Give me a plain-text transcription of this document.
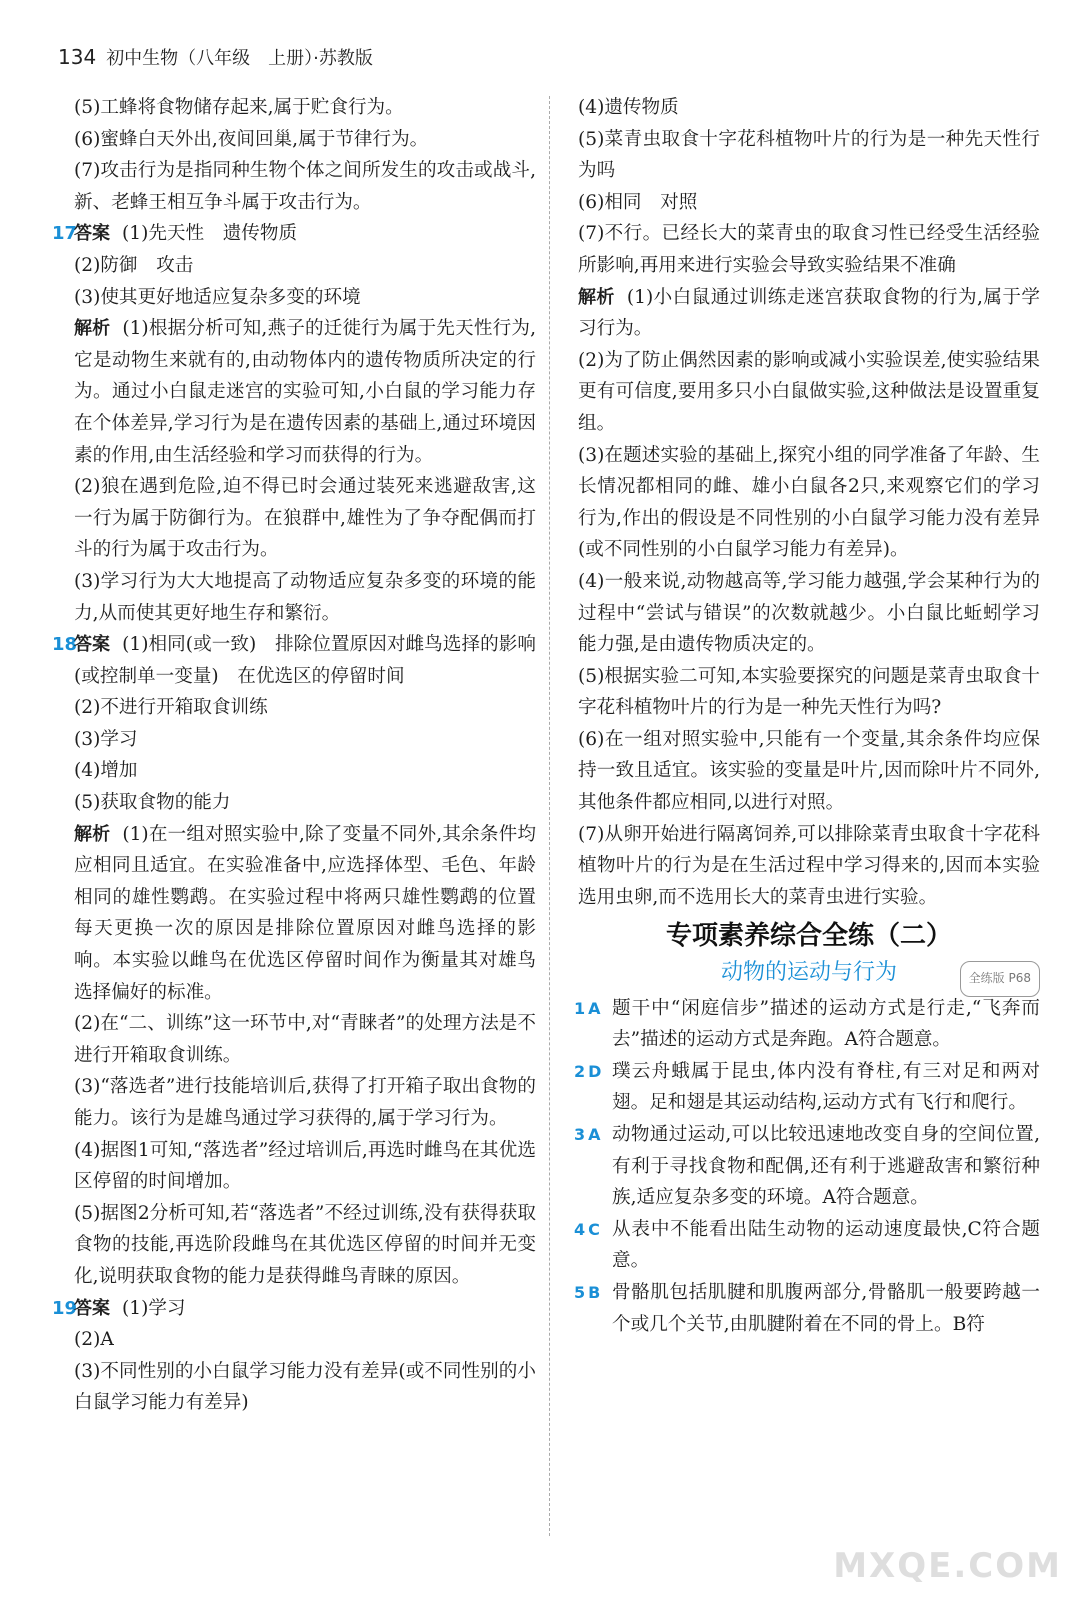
134 初中生物（八年级　上册）·苏教版

(5)工蜂将食物储存起来,属于贮食行为。

(6)蜜蜂白天外出,夜间回巢,属于节律行为。

(7)攻击行为是指同种生物个体之间所发生的攻击或战斗,新、老蜂王相互争斗属于攻击行为。

17
答案 (1)先天性　遗传物质

(2)防御　攻击

(3)使其更好地适应复杂多变的环境

解析 (1)根据分析可知,燕子的迁徙行为属于先天性行为,它是动物生来就有的,由动物体内的遗传物质所决定的行为。通过小白鼠走迷宫的实验可知,小白鼠的学习能力存在个体差异,学习行为是在遗传因素的基础上,通过环境因素的作用,由生活经验和学习而获得的行为。

(2)狼在遇到危险,迫不得已时会通过装死来逃避敌害,这一行为属于防御行为。在狼群中,雄性为了争夺配偶而打斗的行为属于攻击行为。

(3)学习行为大大地提高了动物适应复杂多变的环境的能力,从而使其更好地生存和繁衍。

18

答案 (1)相同(或一致)　排除位置原因对雌鸟选择的影响(或控制单一变量)　在优选区的停留时间

(2)不进行开箱取食训练

(3)学习

(4)增加

(5)获取食物的能力

解析 (1)在一组对照实验中,除了变量不同外,其余条件均应相同且适宜。在实验准备中,应选择体型、毛色、年龄相同的雄性鹦鹉。在实验过程中将两只雄性鹦鹉的位置每天更换一次的原因是排除位置原因对雌鸟选择的影响。本实验以雌鸟在优选区停留时间作为衡量其对雄鸟选择偏好的标准。

(2)在“二、训练”这一环节中,对“青睐者”的处理方法是不进行开箱取食训练。

(3)“落选者”进行技能培训后,获得了打开箱子取出食物的能力。该行为是雄鸟通过学习获得的,属于学习行为。

(4)据图1可知,“落选者”经过培训后,再选时雌鸟在其优选区停留的时间增加。

(5)据图2分析可知,若“落选者”不经过训练,没有获得获取食物的技能,再选阶段雌鸟在其优选区停留的时间并无变化,说明获取食物的能力是获得雌鸟青睐的原因。

19
答案 (1)学习

(2)A

(3)不同性别的小白鼠学习能力没有差异(或不同性别的小白鼠学习能力有差异)

(4)遗传物质

(5)菜青虫取食十字花科植物叶片的行为是一种先天性行为吗

(6)相同　对照

(7)不行。已经长大的菜青虫的取食习性已经受生活经验所影响,再用来进行实验会导致实验结果不准确

解析 (1)小白鼠通过训练走迷宫获取食物的行为,属于学习行为。

(2)为了防止偶然因素的影响或减小实验误差,使实验结果更有可信度,要用多只小白鼠做实验,这种做法是设置重复组。

(3)在题述实验的基础上,探究小组的同学准备了年龄、生长情况都相同的雌、雄小白鼠各2只,来观察它们的学习行为,作出的假设是不同性别的小白鼠学习能力没有差异(或不同性别的小白鼠学习能力有差异)。

(4)一般来说,动物越高等,学习能力越强,学会某种行为的过程中“尝试与错误”的次数就越少。小白鼠比蚯蚓学习能力强,是由遗传物质决定的。

(5)根据实验二可知,本实验要探究的问题是菜青虫取食十字花科植物叶片的行为是一种先天性行为吗?

(6)在一组对照实验中,只能有一个变量,其余条件均应保持一致且适宜。该实验的变量是叶片,因而除叶片不同外,其他条件都应相同,以进行对照。

(7)从卵开始进行隔离饲养,可以排除菜青虫取食十字花科植物叶片的行为是在生活过程中学习得来的,因而本实验选用虫卵,而不选用长大的菜青虫进行实验。

专项素养综合全练（二）
动物的运动与行为	全练版 P68
1 A 题干中“闲庭信步”描述的运动方式是行走,“飞奔而去”描述的运动方式是奔跑。A符合题意。
2 D 璞云舟蛾属于昆虫,体内没有脊柱,有三对足和两对翅。足和翅是其运动结构,运动方式有飞行和爬行。
3 A 动物通过运动,可以比较迅速地改变自身的空间位置,有利于寻找食物和配偶,还有利于逃避敌害和繁衍种族,适应复杂多变的环境。A符合题意。
4 C 从表中不能看出陆生动物的运动速度最快,C符合题意。
5 B 骨骼肌包括肌腱和肌腹两部分,骨骼肌一般要跨越一个或几个关节,由肌腱附着在不同的骨上。B符
MXQE.COM
